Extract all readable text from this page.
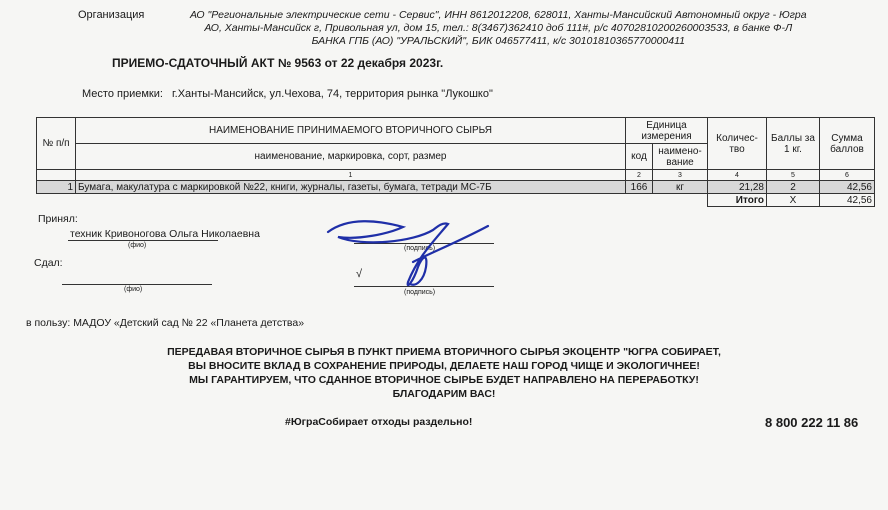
Организация	АО "Региональные электрические сети - Сервис", ИНН 8612012208, 628011, Ханты-Мансийский Автономный округ - Югра
АО, Ханты-Мансийск г, Привольная ул, дом 15, тел.: 8(3467)362410 доб 111#, р/с 40702810200260003533, в банке Ф-Л
БАНКА ГПБ (АО) "УРАЛЬСКИЙ", БИК 046577411, к/с 30101810365770000411
ПРИЕМО-СДАТОЧНЫЙ АКТ № 9563 от 22 декабря 2023г.
Место приемки: г.Ханты-Мансийск, ул.Чехова, 74, территория рынка "Лукошко"
№ п/п	НАИМЕНОВАНИЕ ПРИНИМАЕМОГО ВТОРИЧНОГО СЫРЬЯ	Единица измерения		Количес-тво	Баллы за 1 кг.	Сумма баллов
	наименование, маркировка, сорт, размер	код	наимено-вание			
	1	2	3	4	5	6
1	Бумага, макулатура с маркировкой №22, книги, журналы, газеты, бумага, тетради МС-7Б	166	кг	21,28	2	42,56
				Итого	X	42,56
Принял:
техник Кривоногова Ольга Николаевна
(фио)	(подпись)
Сдал:
(фио)
√
(подпись)
в пользу: МАДОУ «Детский сад № 22 «Планета детства»
ПЕРЕДАВАЯ ВТОРИЧНОЕ СЫРЬЯ В ПУНКТ ПРИЕМА ВТОРИЧНОГО СЫРЬЯ ЭКОЦЕНТР "ЮГРА СОБИРАЕТ,
ВЫ ВНОСИТЕ ВКЛАД В СОХРАНЕНИЕ ПРИРОДЫ, ДЕЛАЕТЕ НАШ ГОРОД ЧИЩЕ И ЭКОЛОГИЧНЕЕ!
МЫ ГАРАНТИРУЕМ, ЧТО СДАННОЕ ВТОРИЧНОЕ СЫРЬЕ БУДЕТ НАПРАВЛЕНО НА ПЕРЕРАБОТКУ!
БЛАГОДАРИМ ВАС!
#ЮграСобирает отходы раздельно!	8 800 222 11 86
